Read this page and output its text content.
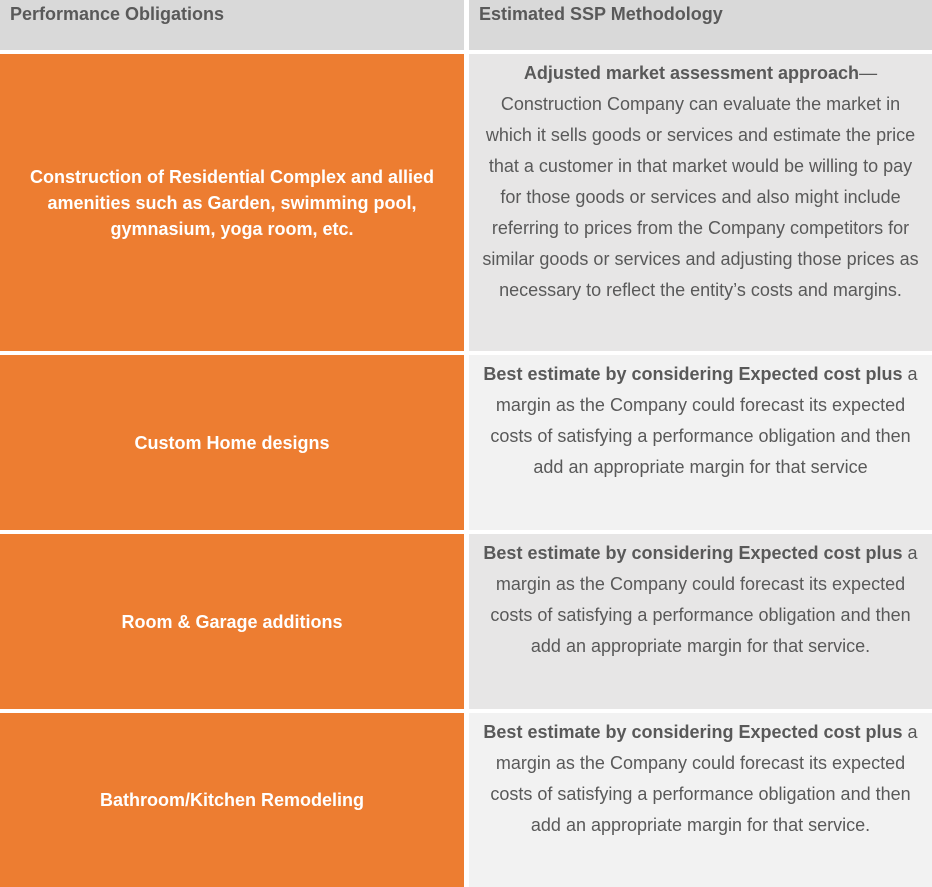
Performance Obligations	Estimated SSP Methodology
Construction of Residential Complex and allied amenities such as Garden, swimming pool, gymnasium, yoga room, etc.
Adjusted market assessment approach— Construction Company can evaluate the market in which it sells goods or services and estimate the price that a customer in that market would be willing to pay for those goods or services and also might include referring to prices from the Company competitors for similar goods or services and adjusting those prices as necessary to reflect the entity’s costs and margins.
Custom Home designs
Best estimate by considering Expected cost plus a margin as the Company could forecast its expected costs of satisfying a performance obligation and then add an appropriate margin for that service
Room & Garage additions
Best estimate by considering Expected cost plus a margin as the Company could forecast its expected costs of satisfying a performance obligation and then add an appropriate margin for that service.
Bathroom/Kitchen Remodeling
Best estimate by considering Expected cost plus a margin as the Company could forecast its expected costs of satisfying a performance obligation and then add an appropriate margin for that service.
